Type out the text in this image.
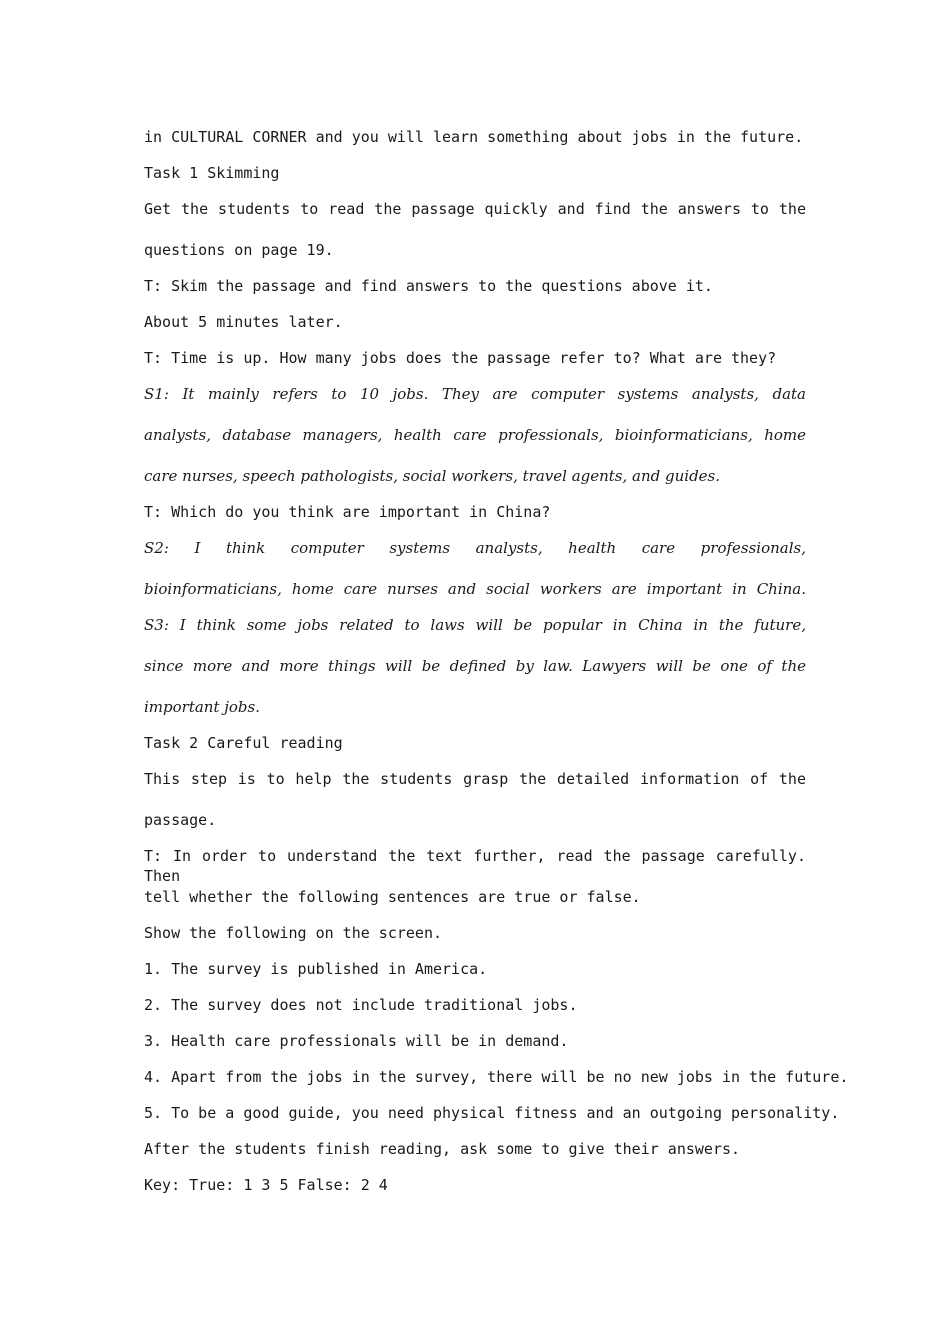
in CULTURAL CORNER and you will learn something about jobs in the future.
Task 1 Skimming
Get the students to read the passage quickly and find the answers to the
questions on page 19.
T: Skim the passage and find answers to the questions above it.
About 5 minutes later.
T: Time is up. How many jobs does the passage refer to? What are they?
S1: It mainly refers to 10 jobs. They are computer systems analysts, data
analysts, database managers, health care professionals, bioinformaticians, home
care nurses, speech pathologists, social workers, travel agents, and guides.
T: Which do you think are important in China?
S2: I think computer systems analysts, health care professionals,
bioinformaticians, home care nurses and social workers are important in China.
S3: I think some jobs related to laws will be popular in China in the future,
since more and more things will be defined by law. Lawyers will be one of the
important jobs.
Task 2 Careful reading
This step is to help the students grasp the detailed information of the
passage.
T: In order to understand the text further, read the passage carefully. Then
tell whether the following sentences are true or false.
Show the following on the screen.
1. The survey is published in America.
2. The survey does not include traditional jobs.
3. Health care professionals will be in demand.
4. Apart from the jobs in the survey, there will be no new jobs in the future.
5. To be a good guide, you need physical fitness and an outgoing personality.
After the students finish reading, ask some to give their answers.
Key: True: 1 3 5 False: 2 4
